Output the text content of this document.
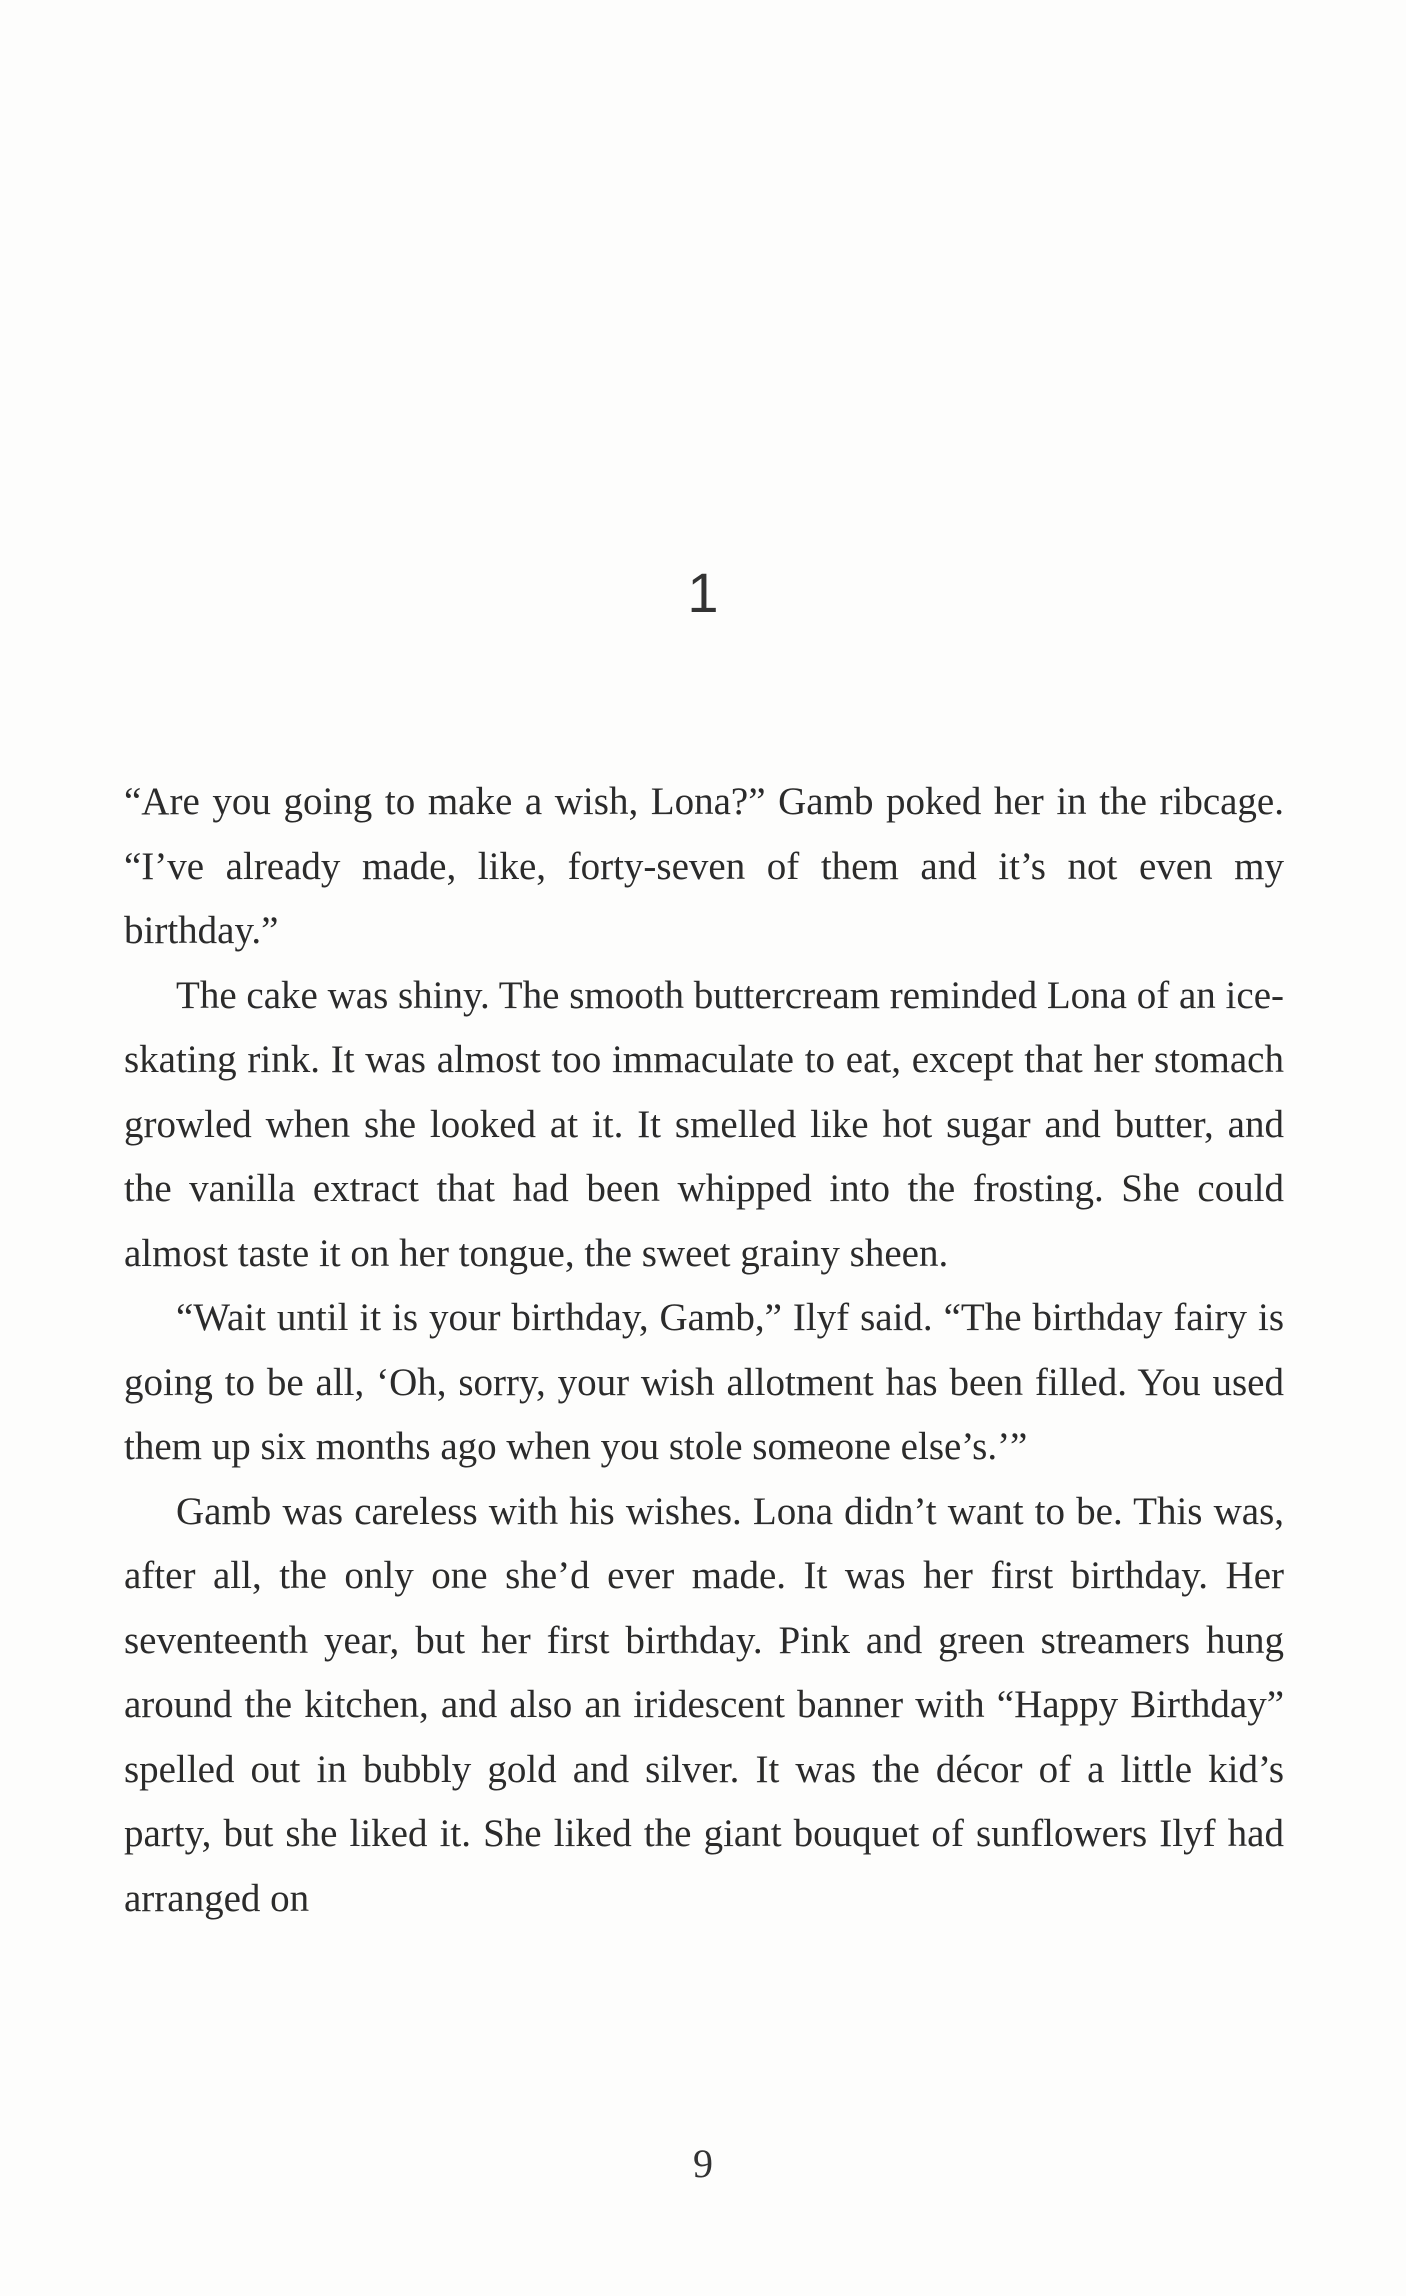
1

“Are you going to make a wish, Lona?” Gamb poked her in the ribcage. “I’ve already made, like, forty-seven of them and it’s not even my birthday.”

The cake was shiny. The smooth buttercream reminded Lona of an ice-skating rink. It was almost too immaculate to eat, except that her stomach growled when she looked at it. It smelled like hot sugar and butter, and the vanilla extract that had been whipped into the frosting. She could almost taste it on her tongue, the sweet grainy sheen.

“Wait until it is your birthday, Gamb,” Ilyf said. “The birthday fairy is going to be all, ‘Oh, sorry, your wish allotment has been filled. You used them up six months ago when you stole someone else’s.’”

Gamb was careless with his wishes. Lona didn’t want to be. This was, after all, the only one she’d ever made. It was her first birthday. Her seventeenth year, but her first birthday. Pink and green streamers hung around the kitchen, and also an iridescent banner with “Happy Birthday” spelled out in bubbly gold and silver. It was the décor of a little kid’s party, but she liked it. She liked the giant bouquet of sunflowers Ilyf had arranged on

9
